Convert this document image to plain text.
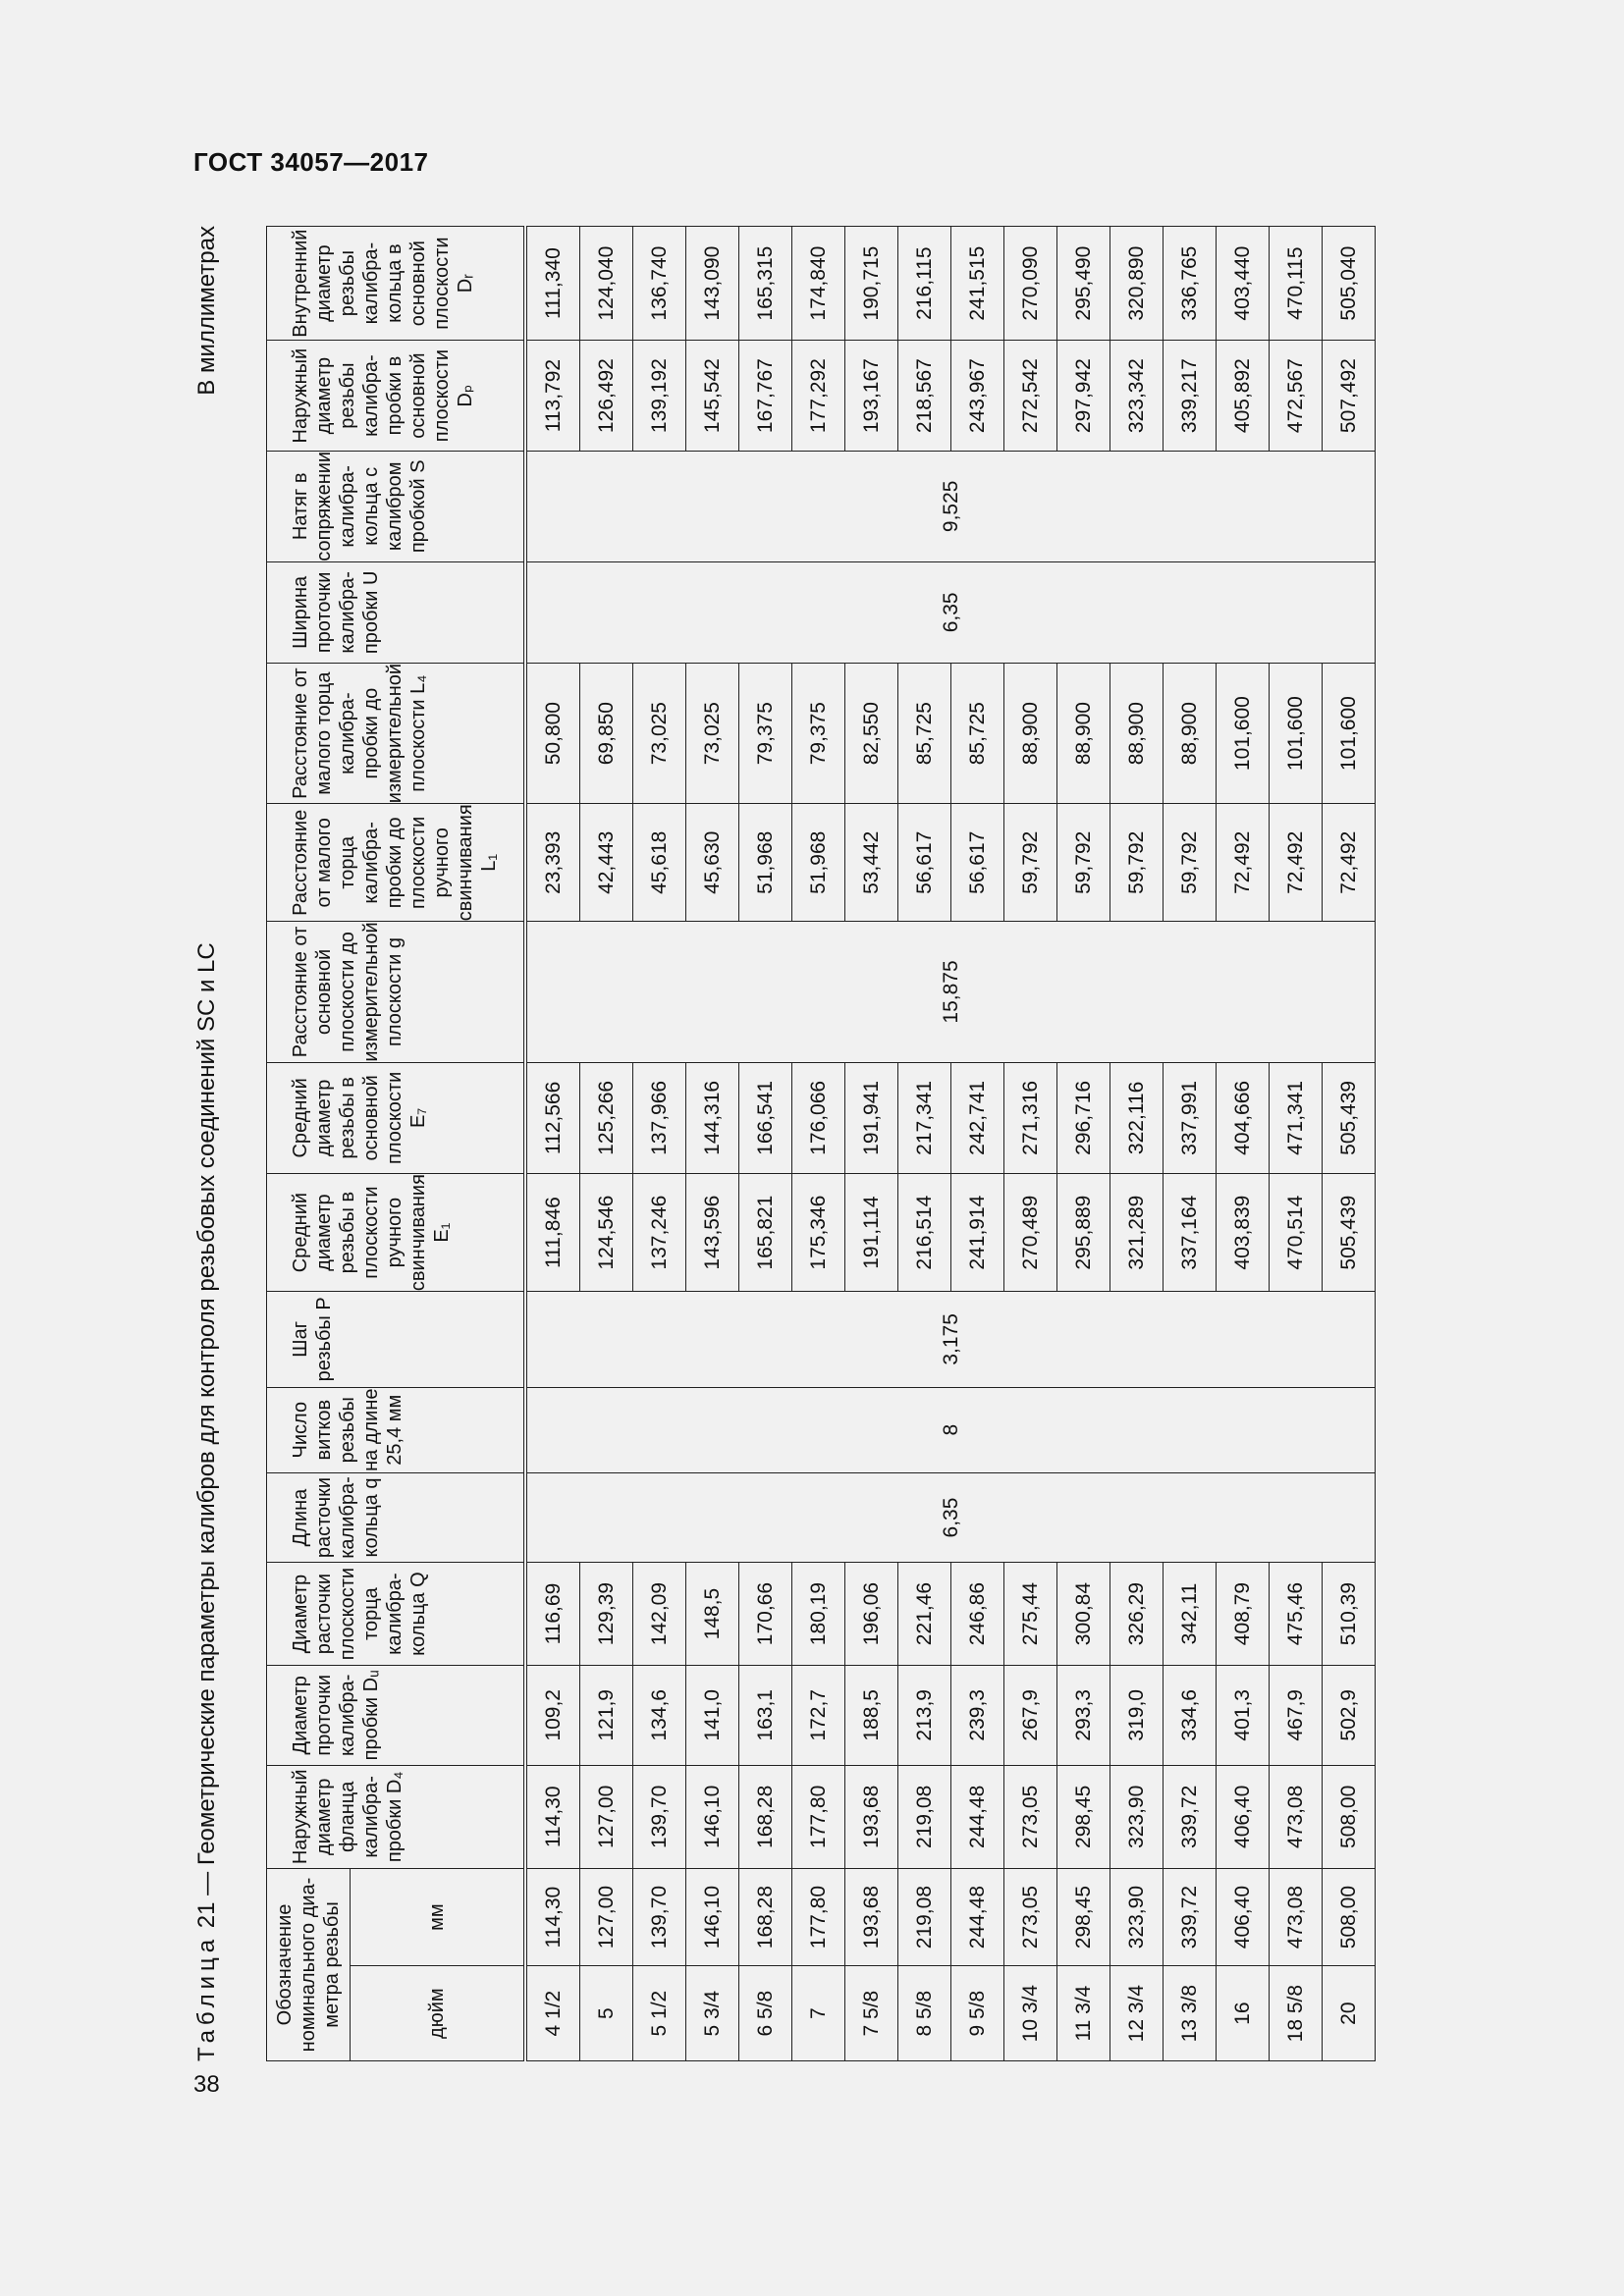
ГОСТ 34057—2017
Таблица 21 — Геометрические параметры калибров для контроля резьбовых соединений SC и LC
В миллиметрах
Обозначение номинального диа-метра резьбы		Наружный диаметр фланца калибра-пробки D₄	Диаметр проточки калибра-пробки Dᵤ	Диаметр расточки плоскости торца калибра-кольца Q	Длина расточки калибра-кольца q	Число витков резьбы на длине 25,4 мм	Шаг резьбы P	Средний диаметр резьбы в плоскости ручного свинчивания E₁	Средний диаметр резьбы в основной плоскости E₇	Расстояние от основной плоскости до измерительной плоскости g	Расстояние от малого торца калибра-пробки до плоскости ручного свинчивания L₁	Расстояние от малого торца калибра-пробки до измерительной плоскости L₄	Ширина проточки калибра-пробки U	Натяг в сопряжении калибра-кольца с калибром пробкой S	Наружный диаметр резьбы калибра-пробки в основной плоскости Dₚ	Внутренний диаметр резьбы калибра-кольца в основной плоскости Dᵣ
дюйм	мм															
4 1/2	114,30	114,30	109,2	116,69	6,35	8	3,175	111,846	112,566	15,875	23,393	50,800	6,35	9,525	113,792	111,340
5	127,00	127,00	121,9	129,39				124,546	125,266		42,443	69,850			126,492	124,040
5 1/2	139,70	139,70	134,6	142,09				137,246	137,966		45,618	73,025			139,192	136,740
5 3/4	146,10	146,10	141,0	148,5				143,596	144,316		45,630	73,025			145,542	143,090
6 5/8	168,28	168,28	163,1	170,66				165,821	166,541		51,968	79,375			167,767	165,315
7	177,80	177,80	172,7	180,19				175,346	176,066		51,968	79,375			177,292	174,840
7 5/8	193,68	193,68	188,5	196,06				191,114	191,941		53,442	82,550			193,167	190,715
8 5/8	219,08	219,08	213,9	221,46				216,514	217,341		56,617	85,725			218,567	216,115
9 5/8	244,48	244,48	239,3	246,86				241,914	242,741		56,617	85,725			243,967	241,515
10 3/4	273,05	273,05	267,9	275,44				270,489	271,316		59,792	88,900			272,542	270,090
11 3/4	298,45	298,45	293,3	300,84				295,889	296,716		59,792	88,900			297,942	295,490
12 3/4	323,90	323,90	319,0	326,29				321,289	322,116		59,792	88,900			323,342	320,890
13 3/8	339,72	339,72	334,6	342,11				337,164	337,991		59,792	88,900			339,217	336,765
16	406,40	406,40	401,3	408,79				403,839	404,666		72,492	101,600			405,892	403,440
18 5/8	473,08	473,08	467,9	475,46				470,514	471,341		72,492	101,600			472,567	470,115
20	508,00	508,00	502,9	510,39				505,439	505,439		72,492	101,600			507,492	505,040
38
